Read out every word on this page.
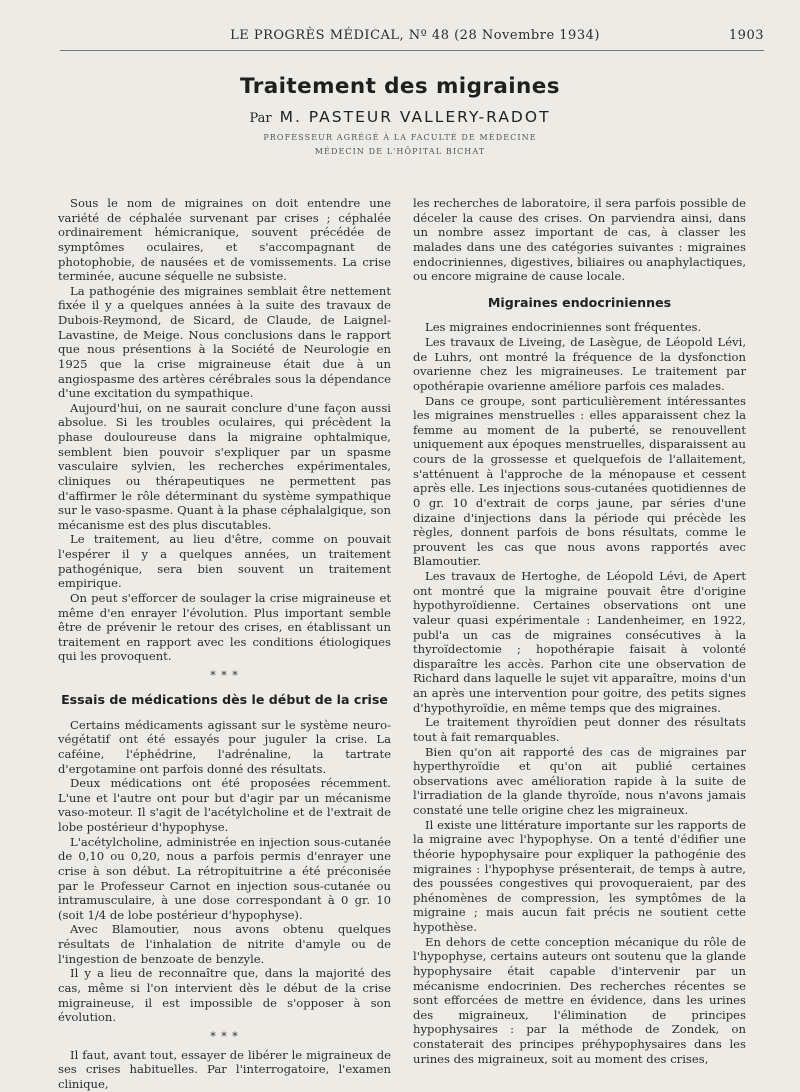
LE PROGRÈS MÉDICAL, Nº 48 (28 Novembre 1934)	1903
Traitement des migraines
Par M. PASTEUR VALLERY-RADOT
PROFESSEUR AGRÉGÉ À LA FACULTÉ DE MÉDECINE
MÉDECIN DE L'HÔPITAL BICHAT

Sous le nom de migraines on doit entendre une variété de céphalée survenant par crises ; céphalée ordinairement hémicranique, souvent précédée de symptômes oculaires, et s'accompagnant de photophobie, de nausées et de vomissements. La crise terminée, aucune séquelle ne subsiste.

La pathogénie des migraines semblait être nettement fixée il y a quelques années à la suite des travaux de Dubois-Reymond, de Sicard, de Claude, de Laignel-Lavastine, de Meige. Nous conclusions dans le rapport que nous présentions à la Société de Neurologie en 1925 que la crise migraineuse était due à un angiospasme des artères cérébrales sous la dépendance d'une excitation du sympathique.

Aujourd'hui, on ne saurait conclure d'une façon aussi absolue. Si les troubles oculaires, qui précèdent la phase douloureuse dans la migraine ophtalmique, semblent bien pouvoir s'expliquer par un spasme vasculaire sylvien, les recherches expérimentales, cliniques ou thérapeutiques ne permettent pas d'affirmer le rôle déterminant du système sympathique sur le vaso-spasme. Quant à la phase céphalalgique, son mécanisme est des plus discutables.

Le traitement, au lieu d'être, comme on pouvait l'espérer il y a quelques années, un traitement pathogénique, sera bien souvent un traitement empirique.

On peut s'efforcer de soulager la crise migraineuse et même d'en enrayer l'évolution. Plus important semble être de prévenir le retour des crises, en établissant un traitement en rapport avec les conditions étiologiques qui les provoquent.

* * *
Essais de médications dès le début de la crise

Certains médicaments agissant sur le système neuro-végétatif ont été essayés pour juguler la crise. La caféine, l'éphédrine, l'adrénaline, la tartrate d'ergotamine ont parfois donné des résultats.

Deux médications ont été proposées récemment. L'une et l'autre ont pour but d'agir par un mécanisme vaso-moteur. Il s'agit de l'acétylcholine et de l'extrait de lobe postérieur d'hypophyse.

L'acétylcholine, administrée en injection sous-cutanée de 0,10 ou 0,20, nous a parfois permis d'enrayer une crise à son début. La rétropituitrine a été préconisée par le Professeur Carnot en injection sous-cutanée ou intramusculaire, à une dose correspondant à 0 gr. 10 (soit 1/4 de lobe postérieur d'hypophyse).

Avec Blamoutier, nous avons obtenu quelques résultats de l'inhalation de nitrite d'amyle ou de l'ingestion de benzoate de benzyle.

Il y a lieu de reconnaître que, dans la majorité des cas, même si l'on intervient dès le début de la crise migraineuse, il est impossible de s'opposer à son évolution.

* * *

Il faut, avant tout, essayer de libérer le migraineux de ses crises habituelles. Par l'interrogatoire, l'examen clinique,

les recherches de laboratoire, il sera parfois possible de déceler la cause des crises. On parviendra ainsi, dans un nombre assez important de cas, à classer les malades dans une des catégories suivantes : migraines endocriniennes, digestives, biliaires ou anaphylactiques, ou encore migraine de cause locale.

Migraines endocriniennes

Les migraines endocriniennes sont fréquentes.

Les travaux de Liveing, de Lasègue, de Léopold Lévi, de Luhrs, ont montré la fréquence de la dysfonction ovarienne chez les migraineuses. Le traitement par opothérapie ovarienne améliore parfois ces malades.

Dans ce groupe, sont particulièrement intéressantes les migraines menstruelles : elles apparaissent chez la femme au moment de la puberté, se renouvellent uniquement aux époques menstruelles, disparaissent au cours de la grossesse et quelquefois de l'allaitement, s'atténuent à l'approche de la ménopause et cessent après elle. Les injections sous-cutanées quotidiennes de 0 gr. 10 d'extrait de corps jaune, par séries d'une dizaine d'injections dans la période qui précède les règles, donnent parfois de bons résultats, comme le prouvent les cas que nous avons rapportés avec Blamoutier.

Les travaux de Hertoghe, de Léopold Lévi, de Apert ont montré que la migraine pouvait être d'origine hypothyroïdienne. Certaines observations ont une valeur quasi expérimentale : Landenheimer, en 1922, publ'a un cas de migraines consécutives à la thyroïdectomie ; hopothérapie faisait à volonté disparaître les accès. Parhon cite une observation de Richard dans laquelle le sujet vit apparaître, moins d'un an après une intervention pour goitre, des petits signes d'hypothyroïdie, en même temps que des migraines.

Le traitement thyroïdien peut donner des résultats tout à fait remarquables.

Bien qu'on ait rapporté des cas de migraines par hyperthyroïdie et qu'on ait publié certaines observations avec amélioration rapide à la suite de l'irradiation de la glande thyroïde, nous n'avons jamais constaté une telle origine chez les migraineux.

Il existe une littérature importante sur les rapports de la migraine avec l'hypophyse. On a tenté d'édifier une théorie hypophysaire pour expliquer la pathogénie des migraines : l'hypophyse présenterait, de temps à autre, des poussées congestives qui provoqueraient, par des phénomènes de compression, les symptômes de la migraine ; mais aucun fait précis ne soutient cette hypothèse.

En dehors de cette conception mécanique du rôle de l'hypophyse, certains auteurs ont soutenu que la glande hypophysaire était capable d'intervenir par un mécanisme endocrinien. Des recherches récentes se sont efforcées de mettre en évidence, dans les urines des migraineux, l'élimination de principes hypophysaires : par la méthode de Zondek, on constaterait des principes préhypophysaires dans les urines des migraineux, soit au moment des crises,
